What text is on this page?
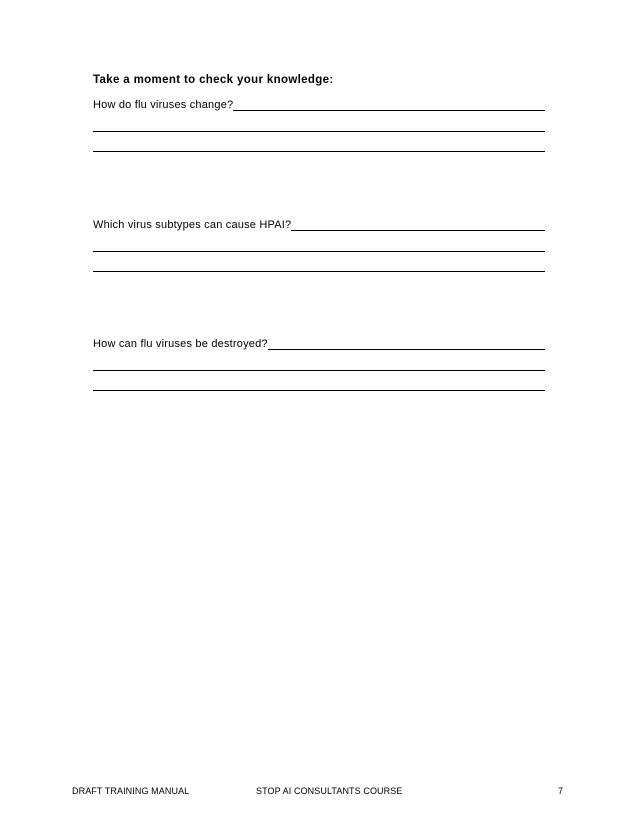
Take a moment to check your knowledge:
How do flu viruses change?
Which virus subtypes can cause HPAI?
How can flu viruses be destroyed?
DRAFT TRAINING MANUAL	STOP AI CONSULTANTS COURSE	7
